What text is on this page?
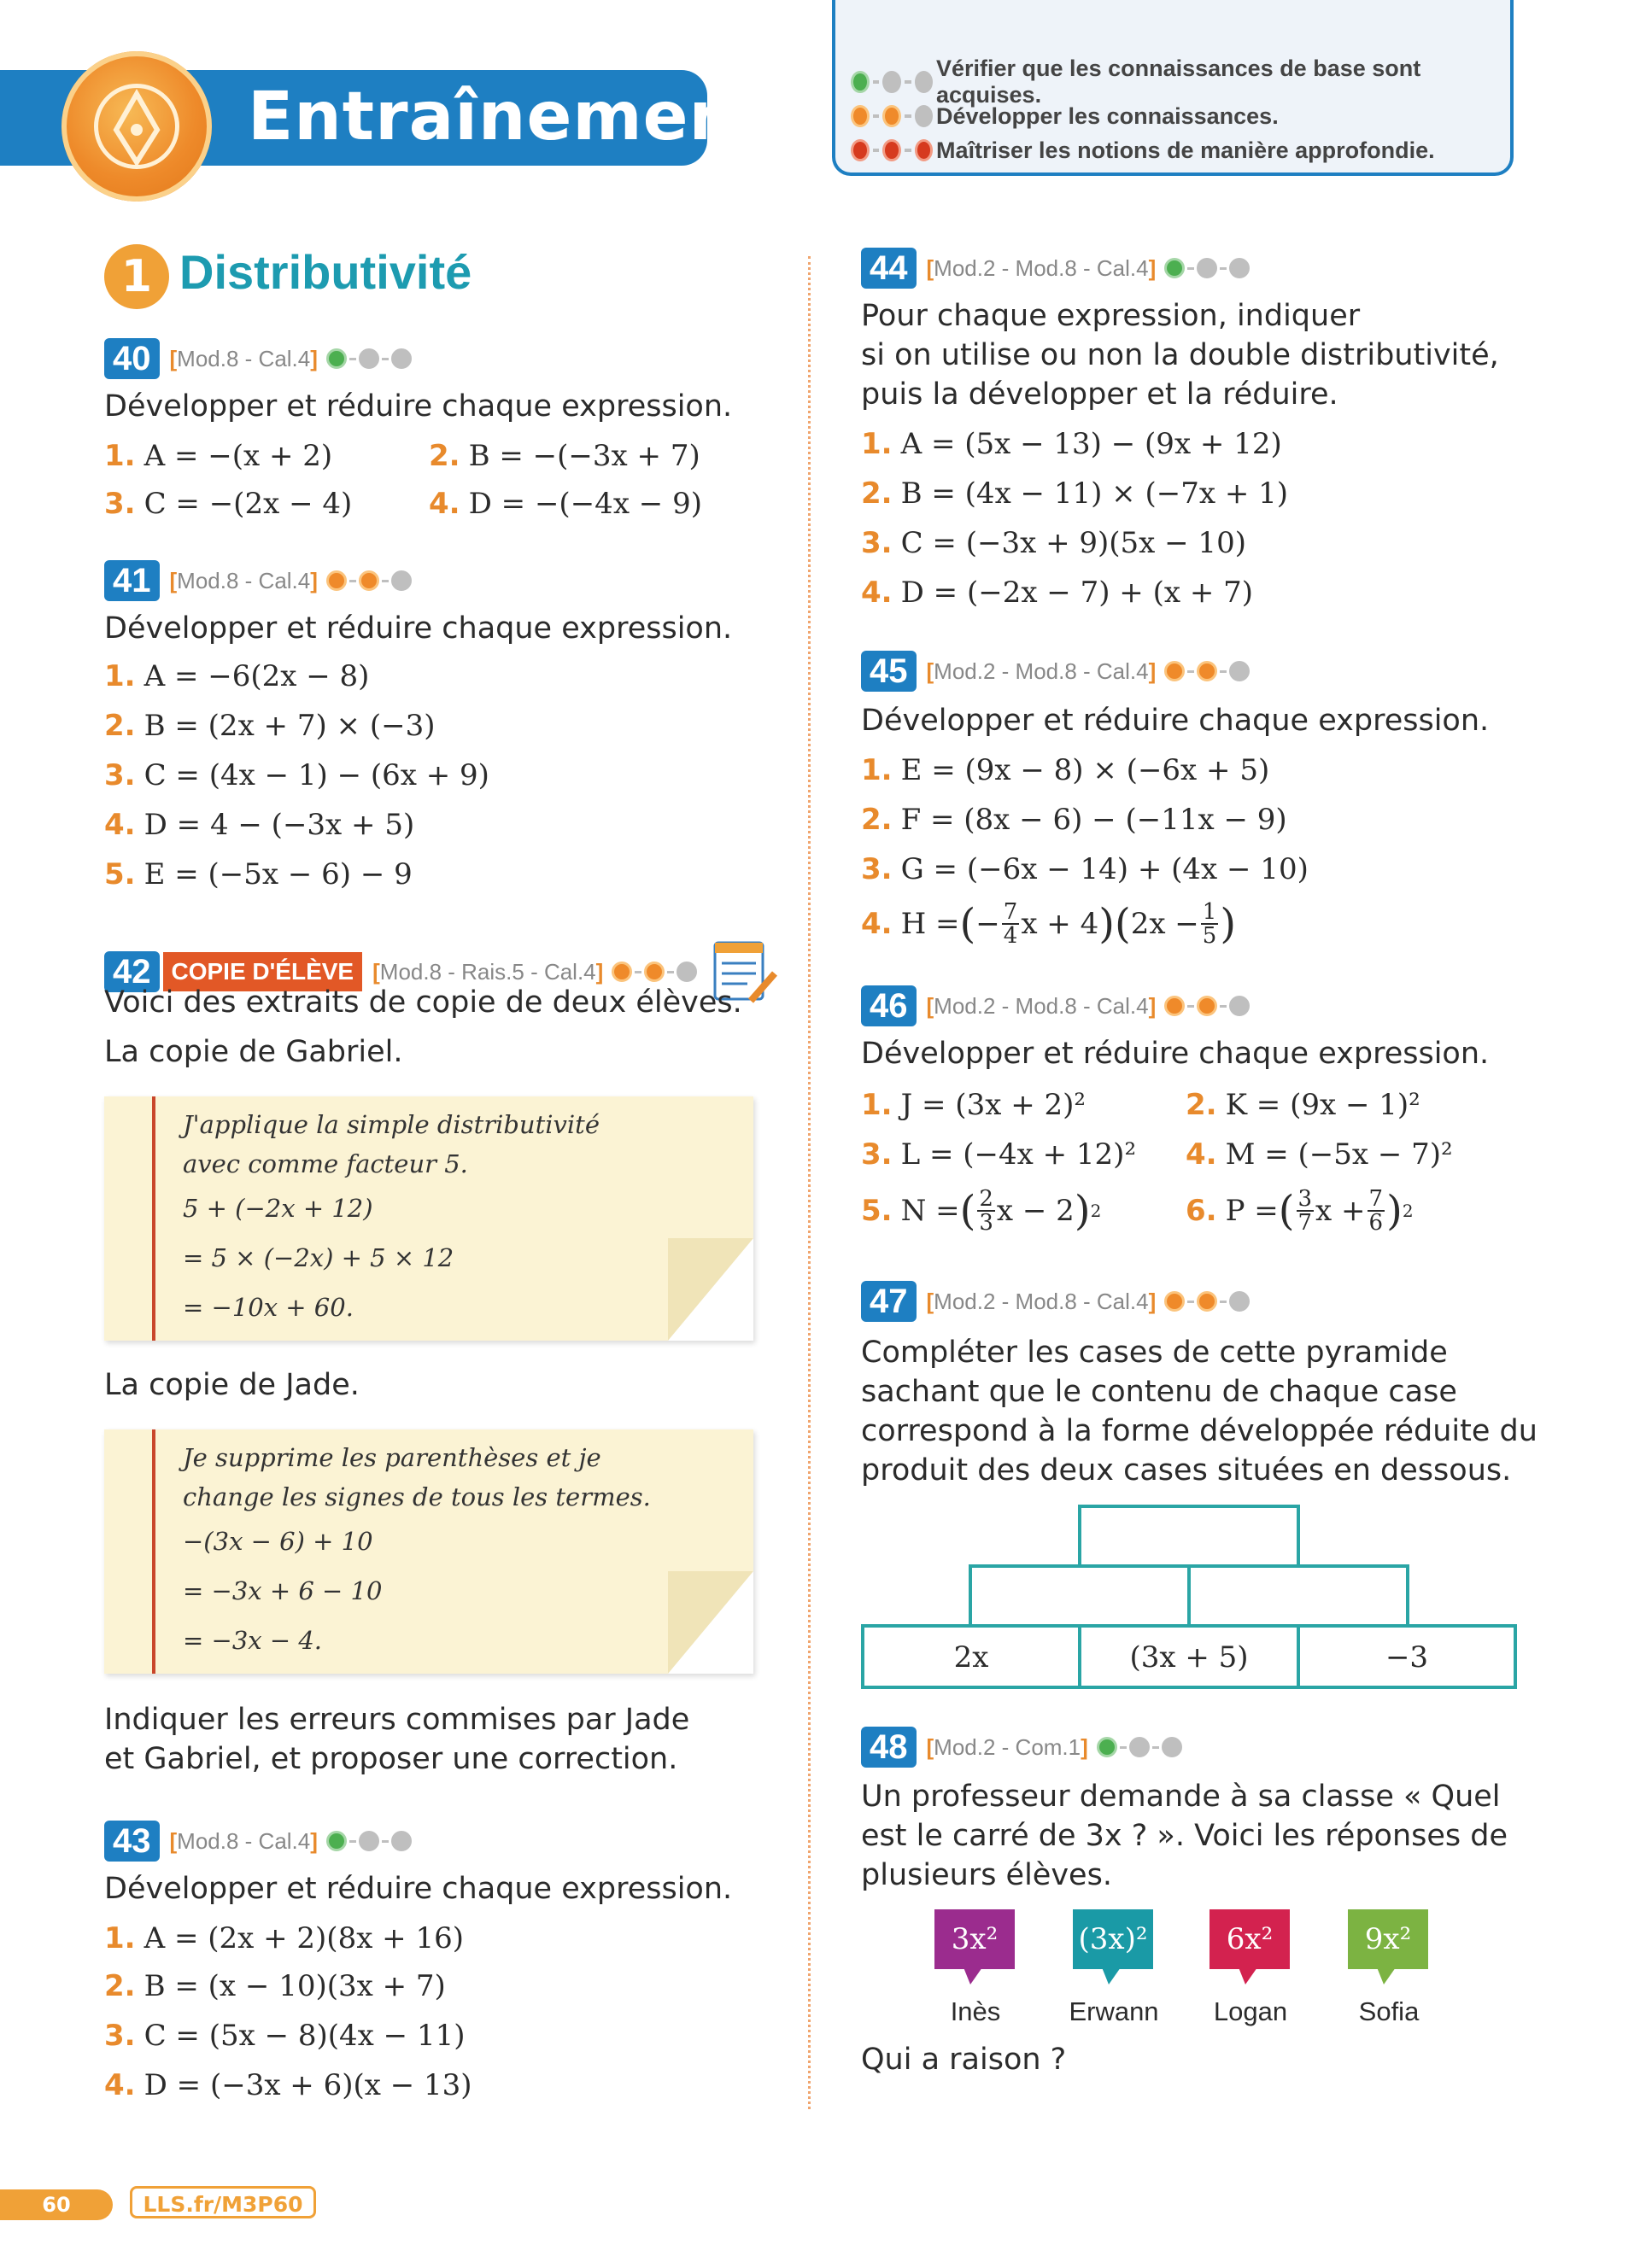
Entraînement
Vérifier que les connaissances de base sont acquises.
Développer les connaissances.
Maîtriser les notions de manière approfondie.
1 Distributivité
40 [Mod.8 - Cal.4]
Développer et réduire chaque expression.
1. A = −(x + 2)	2. B = −(−3x + 7)
3. C = −(2x − 4)	4. D = −(−4x − 9)
41 [Mod.8 - Cal.4]
Développer et réduire chaque expression.
1. A = −6(2x − 8)
2. B = (2x + 7) × (−3)
3. C = (4x − 1) − (6x + 9)
4. D = 4 − (−3x + 5)
5. E = (−5x − 6) − 9
42 COPIE D'ÉLÈVE [Mod.8 - Rais.5 - Cal.4]
Voici des extraits de copie de deux élèves.
La copie de Gabriel.
J'applique la simple distributivité
avec comme facteur 5.
5 + (−2x + 12)
= 5 × (−2x) + 5 × 12
= −10x + 60.
La copie de Jade.
Je supprime les parenthèses et je
change les signes de tous les termes.
−(3x − 6) + 10
= −3x + 6 − 10
= −3x − 4.
Indiquer les erreurs commises par Jade
et Gabriel, et proposer une correction.
43 [Mod.8 - Cal.4]
Développer et réduire chaque expression.
1. A = (2x + 2)(8x + 16)
2. B = (x − 10)(3x + 7)
3. C = (5x − 8)(4x − 11)
4. D = (−3x + 6)(x − 13)
44 [Mod.2 - Mod.8 - Cal.4]
Pour chaque expression, indiquer
si on utilise ou non la double distributivité,
puis la développer et la réduire.
1. A = (5x − 13) − (9x + 12)
2. B = (4x − 11) × (−7x + 1)
3. C = (−3x + 9)(5x − 10)
4. D = (−2x − 7) + (x + 7)
45 [Mod.2 - Mod.8 - Cal.4]
Développer et réduire chaque expression.
1. E = (9x − 8) × (−6x + 5)
2. F = (8x − 6) − (−11x − 9)
3. G = (−6x − 14) + (4x − 10)
4. H = ( − $\frac{7}{4}$ x + 4 )( $2x - \frac{1}{5}$ )
46 [Mod.2 - Mod.8 - Cal.4]
Développer et réduire chaque expression.
1. J = (3x + 2)²	2. K = (9x − 1)²
3. L = (−4x + 12)² 4. M = (−5x − 7)²
5. N = ( $\frac{2}{3}$ x − 2 ) 2	6. P = ( $\frac{3}{7}$ $x + \frac{7}{6}$ ) 2
47 [Mod.2 - Mod.8 - Cal.4]
Compléter les cases de cette pyramide
sachant que le contenu de chaque case
correspond à la forme développée réduite du
produit des deux cases situées en dessous.
2x	(3x + 5)	−3
48 [Mod.2 - Com.1]
Un professeur demande à sa classe « Quel
est le carré de 3x ? ». Voici les réponses de
plusieurs élèves.
3x²	(3x)²	6x²	9x²
Inès	Erwann	Logan	Sofia
Qui a raison ?
60	LLS.fr/M3P60
